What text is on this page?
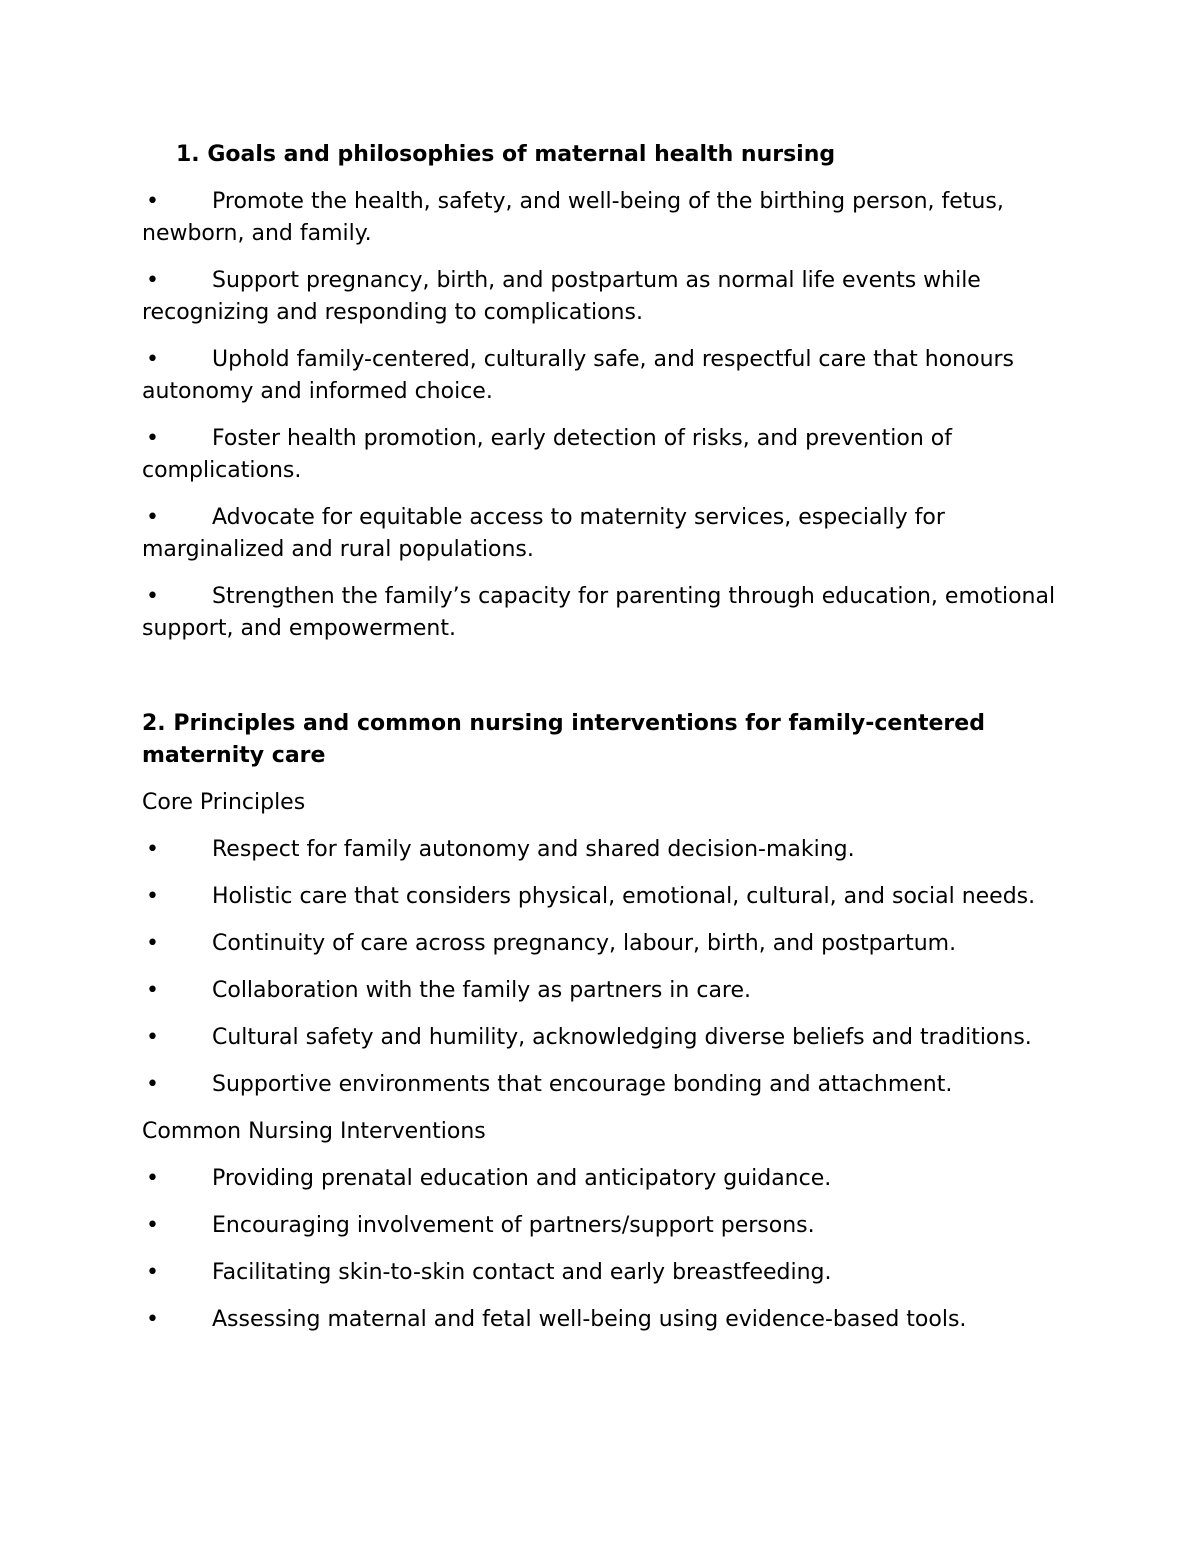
1. Goals and philosophies of maternal health nursing

• Promote the health, safety, and well-being of the birthing person, fetus, newborn, and family.

• Support pregnancy, birth, and postpartum as normal life events while recognizing and responding to complications.

• Uphold family-centered, culturally safe, and respectful care that honours autonomy and informed choice.

• Foster health promotion, early detection of risks, and prevention of complications.

• Advocate for equitable access to maternity services, especially for marginalized and rural populations.

• Strengthen the family’s capacity for parenting through education, emotional support, and empowerment.

2. Principles and common nursing interventions for family-centered maternity care

Core Principles

• Respect for family autonomy and shared decision-making.

• Holistic care that considers physical, emotional, cultural, and social needs.

• Continuity of care across pregnancy, labour, birth, and postpartum.

• Collaboration with the family as partners in care.

• Cultural safety and humility, acknowledging diverse beliefs and traditions.

• Supportive environments that encourage bonding and attachment.

Common Nursing Interventions

• Providing prenatal education and anticipatory guidance.

• Encouraging involvement of partners/support persons.

• Facilitating skin-to-skin contact and early breastfeeding.

• Assessing maternal and fetal well-being using evidence-based tools.
